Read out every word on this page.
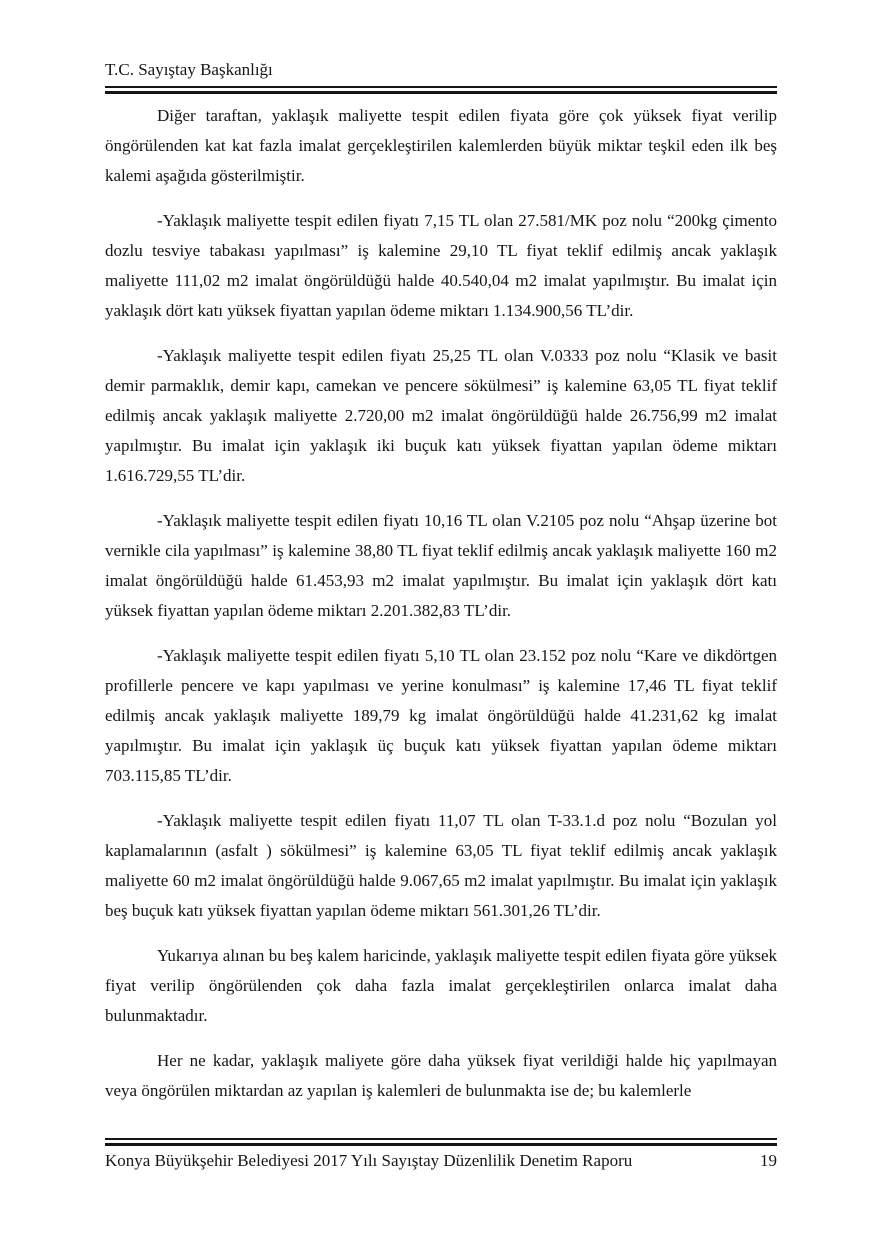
T.C. Sayıştay Başkanlığı

Diğer taraftan, yaklaşık maliyette tespit edilen fiyata göre çok yüksek fiyat verilip öngörülenden kat kat fazla imalat gerçekleştirilen kalemlerden büyük miktar teşkil eden ilk beş kalemi aşağıda gösterilmiştir.

-Yaklaşık maliyette tespit edilen fiyatı 7,15 TL olan 27.581/MK poz nolu “200kg çimento dozlu tesviye tabakası yapılması” iş kalemine 29,10 TL fiyat teklif edilmiş ancak yaklaşık maliyette 111,02 m2 imalat öngörüldüğü halde 40.540,04 m2 imalat yapılmıştır. Bu imalat için yaklaşık dört katı yüksek fiyattan yapılan ödeme miktarı 1.134.900,56 TL’dir.

-Yaklaşık maliyette tespit edilen fiyatı 25,25 TL olan V.0333 poz nolu “Klasik ve basit demir parmaklık, demir kapı, camekan ve pencere sökülmesi” iş kalemine 63,05 TL fiyat teklif edilmiş ancak yaklaşık maliyette 2.720,00 m2 imalat öngörüldüğü halde 26.756,99 m2 imalat yapılmıştır. Bu imalat için yaklaşık iki buçuk katı yüksek fiyattan yapılan ödeme miktarı 1.616.729,55 TL’dir.

-Yaklaşık maliyette tespit edilen fiyatı 10,16 TL olan V.2105 poz nolu “Ahşap üzerine bot vernikle cila yapılması” iş kalemine 38,80 TL fiyat teklif edilmiş ancak yaklaşık maliyette 160 m2 imalat öngörüldüğü halde 61.453,93 m2 imalat yapılmıştır. Bu imalat için yaklaşık dört katı yüksek fiyattan yapılan ödeme miktarı 2.201.382,83 TL’dir.

-Yaklaşık maliyette tespit edilen fiyatı 5,10 TL olan 23.152 poz nolu “Kare ve dikdörtgen profillerle pencere ve kapı yapılması ve yerine konulması” iş kalemine 17,46 TL fiyat teklif edilmiş ancak yaklaşık maliyette 189,79 kg imalat öngörüldüğü halde 41.231,62 kg imalat yapılmıştır. Bu imalat için yaklaşık üç buçuk katı yüksek fiyattan yapılan ödeme miktarı 703.115,85 TL’dir.

-Yaklaşık maliyette tespit edilen fiyatı 11,07 TL olan T-33.1.d poz nolu “Bozulan yol kaplamalarının (asfalt ) sökülmesi” iş kalemine 63,05 TL fiyat teklif edilmiş ancak yaklaşık maliyette 60 m2 imalat öngörüldüğü halde 9.067,65 m2 imalat yapılmıştır. Bu imalat için yaklaşık beş buçuk katı yüksek fiyattan yapılan ödeme miktarı 561.301,26 TL’dir.

Yukarıya alınan bu beş kalem haricinde, yaklaşık maliyette tespit edilen fiyata göre yüksek fiyat verilip öngörülenden çok daha fazla imalat gerçekleştirilen onlarca imalat daha bulunmaktadır.

Her ne kadar, yaklaşık maliyete göre daha yüksek fiyat verildiği halde hiç yapılmayan veya öngörülen miktardan az yapılan iş kalemleri de bulunmakta ise de; bu kalemlerle

Konya Büyükşehir Belediyesi 2017 Yılı Sayıştay Düzenlilik Denetim Raporu	19
